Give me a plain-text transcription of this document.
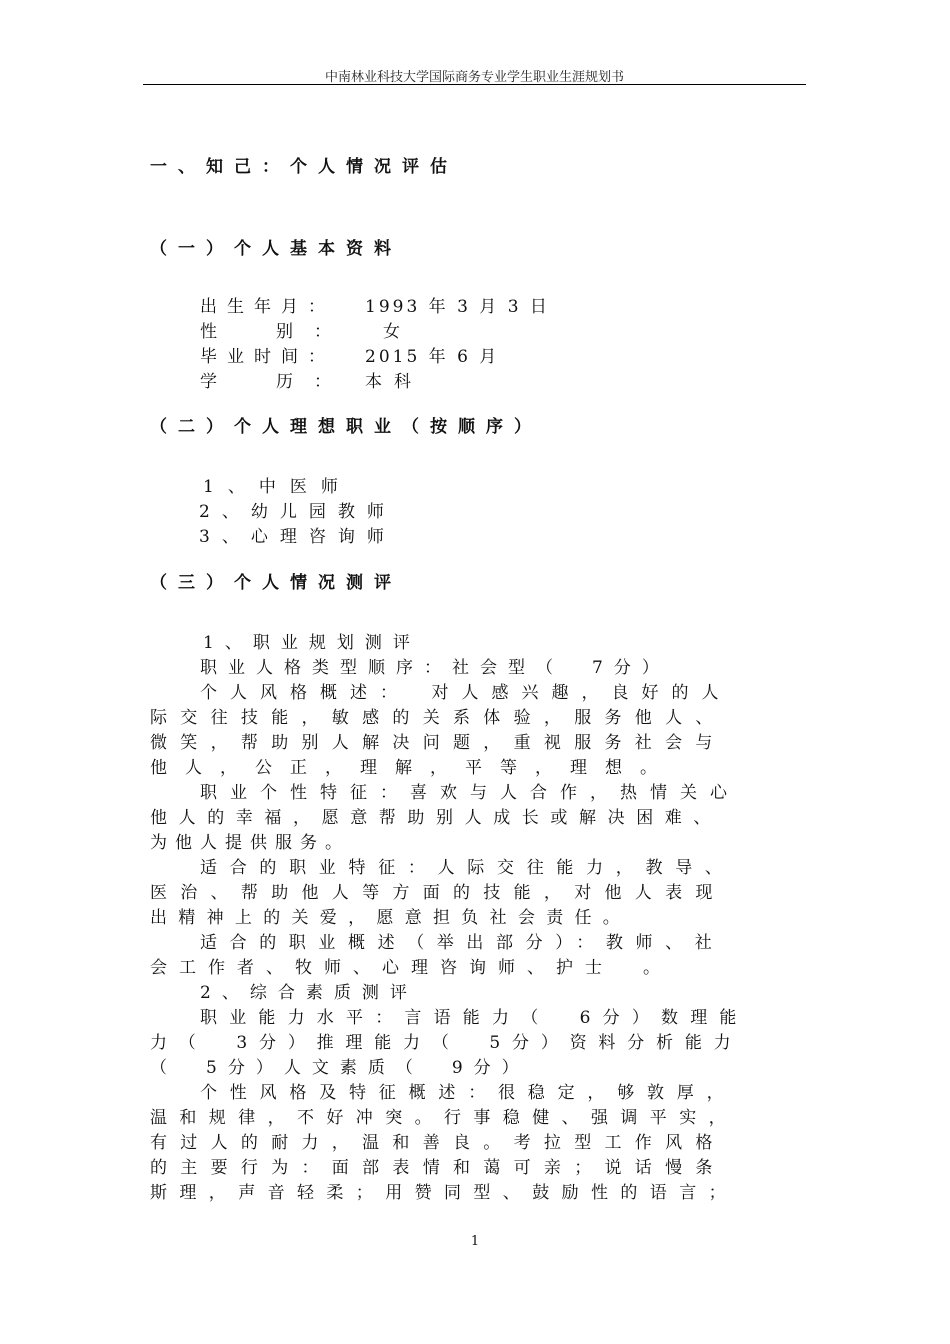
中南林业科技大学国际商务专业学生职业生涯规划书
一、知己：个人情况评估
（一）个人基本资料
出生年月： 1993 年 3 月 3 日
性　别： 女
毕业时间： 2015 年 6 月
学　历： 本科
（二）个人理想职业（按顺序）
1、中医师
2、幼儿园教师
3、心理咨询师
（三）个人情况测评
1、职业规划测评
职业人格类型顺序：社会型（　7分）
个人风格概述：　对人感兴趣，良好的人
际交往技能，敏感的关系体验，服务他人、
微笑，帮助别人解决问题，重视服务社会与
他人，公正，理解，平等，理想。
职业个性特征：喜欢与人合作，热情关心
他人的幸福，愿意帮助别人成长或解决困难、
为他人提供服务。
适合的职业特征：人际交往能力，教导、
医治、帮助他人等方面的技能，对他人表现
出精神上的关爱，愿意担负社会责任。
适合的职业概述（举出部分）：教师、社
会工作者、牧师、心理咨询师、护士　。
2、综合素质测评
职业能力水平：言语能力（　6分）数理能
力（　3分）推理能力（　5分）资料分析能力
（　5分）人文素质（　9分）
个性风格及特征概述：很稳定，够敦厚，
温和规律，不好冲突。行事稳健、强调平实，
有过人的耐力，温和善良。考拉型工作风格
的主要行为：面部表情和蔼可亲；说话慢条
斯理，声音轻柔；用赞同型、鼓励性的语言；
1
